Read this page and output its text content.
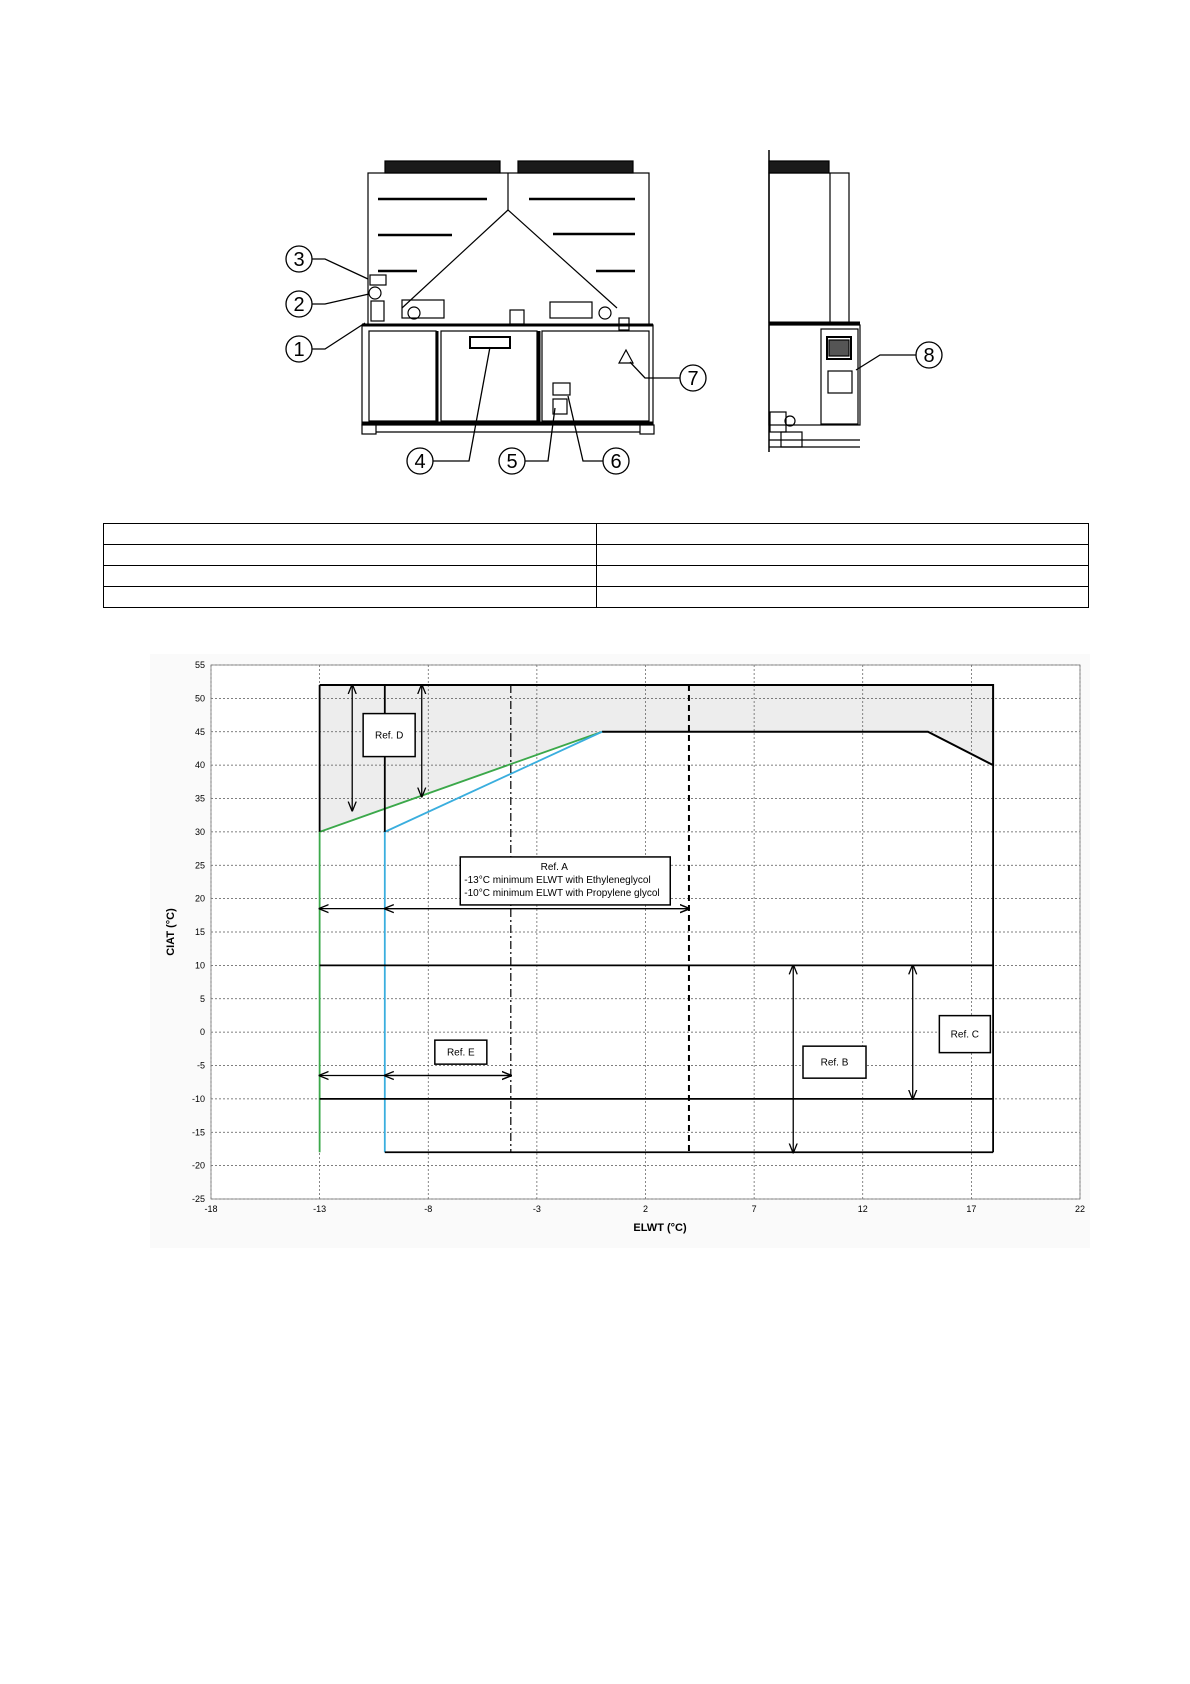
1
2
3
4	5	6
7
8

-25
-20
-15
-10
-5
0
5
10
15
20
25
30
35
40
45
50
55
-18	-13	-8	-3	2	7	12	17	22
Ref. A
-13°C minimum ELWT with Ethyleneglycol
-10°C minimum ELWT with Propylene glycol
Ref. B
Ref. C
Ref. D
Ref. E
ELWT (°C)
CIAT (°C)
